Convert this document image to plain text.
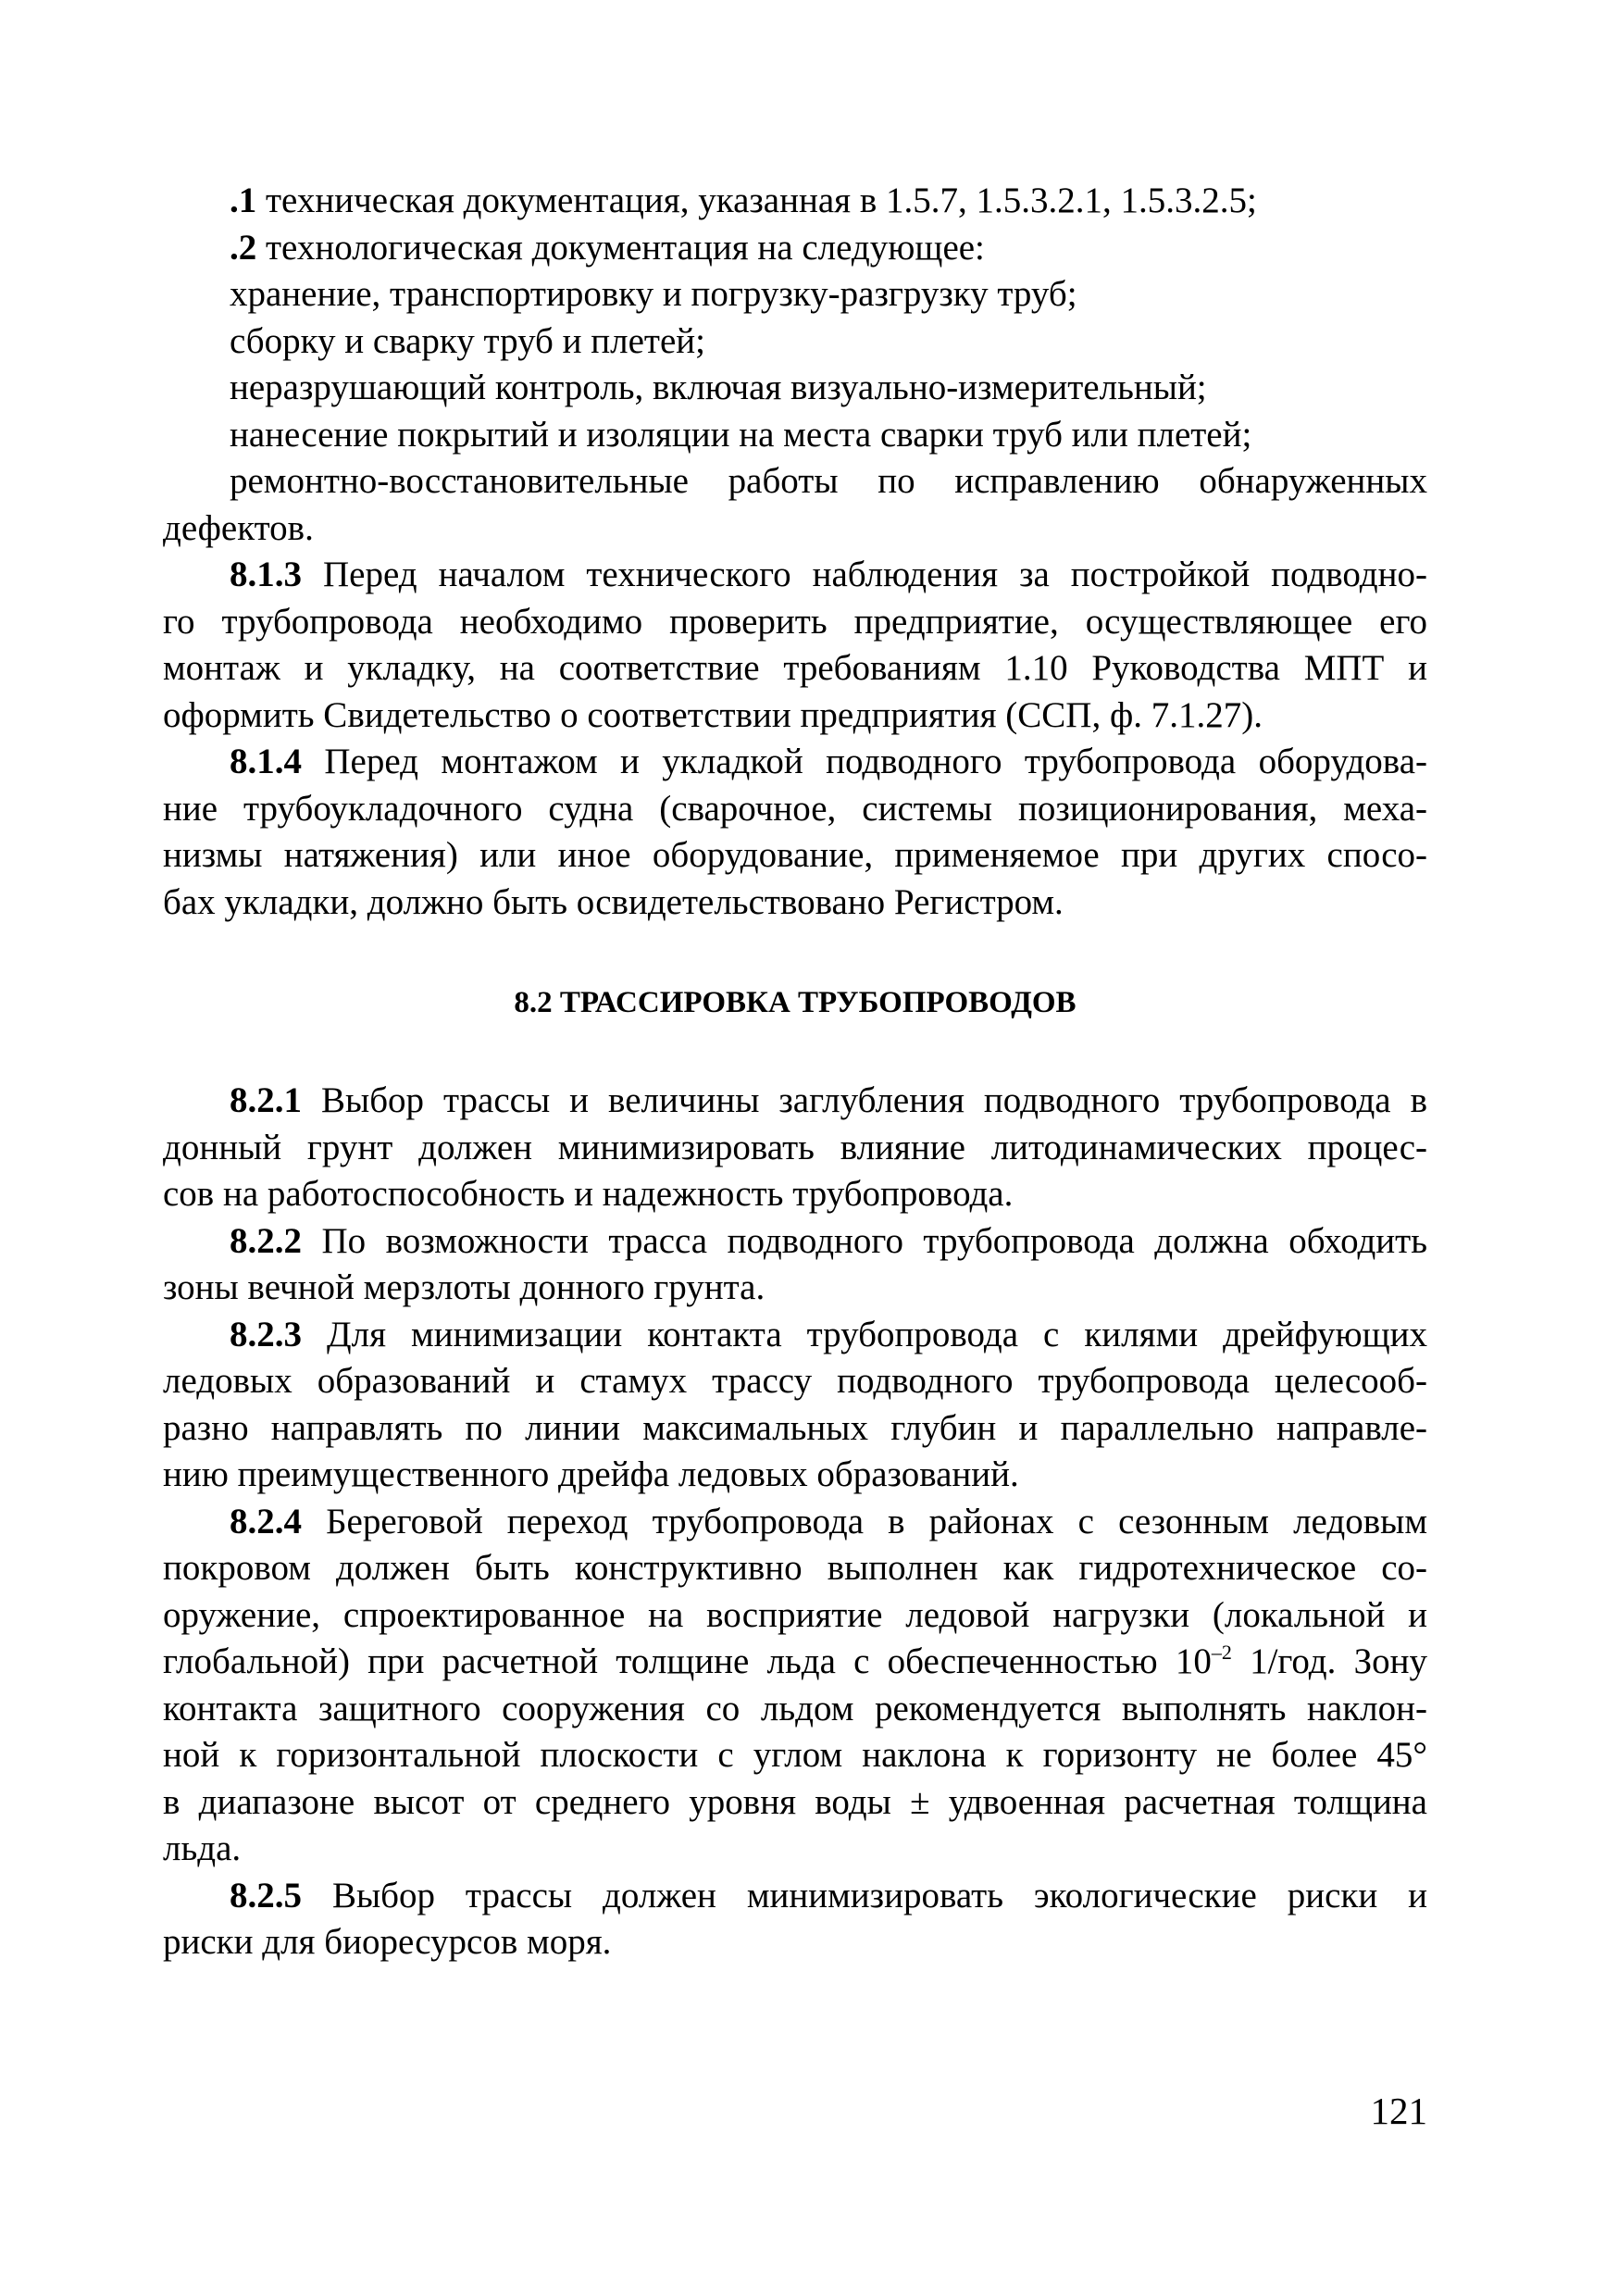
.1 техническая документация, указанная в 1.5.7, 1.5.3.2.1, 1.5.3.2.5;
.2 технологическая документация на следующее:
хранение, транспортировку и погрузку-разгрузку труб;
сборку и сварку труб и плетей;
неразрушающий контроль, включая визуально-измерительный;
нанесение покрытий и изоляции на места сварки труб или плетей;
ремонтно-восстановительные работы по исправлению обнаруженных
дефектов.
8.1.3 Перед началом технического наблюдения за постройкой подводно-
го трубопровода необходимо проверить предприятие, осуществляющее его
монтаж и укладку, на соответствие требованиям 1.10 Руководства МПТ и
оформить Свидетельство о соответствии предприятия (ССП, ф. 7.1.27).
8.1.4 Перед монтажом и укладкой подводного трубопровода оборудова-
ние трубоукладочного судна (сварочное, системы позиционирования, меха-
низмы натяжения) или иное оборудование, применяемое при других спосо-
бах укладки, должно быть освидетельствовано Регистром.
8.2 ТРАССИРОВКА ТРУБОПРОВОДОВ
8.2.1 Выбор трассы и величины заглубления подводного трубопровода в
донный грунт должен минимизировать влияние литодинамических процес-
сов на работоспособность и надежность трубопровода.
8.2.2 По возможности трасса подводного трубопровода должна обходить
зоны вечной мерзлоты донного грунта.
8.2.3 Для минимизации контакта трубопровода с килями дрейфующих
ледовых образований и стамух трассу подводного трубопровода целесооб-
разно направлять по линии максимальных глубин и параллельно направле-
нию преимущественного дрейфа ледовых образований.
8.2.4 Береговой переход трубопровода в районах с сезонным ледовым
покровом должен быть конструктивно выполнен как гидротехническое со-
оружение, спроектированное на восприятие ледовой нагрузки (локальной и
глобальной) при расчетной толщине льда с обеспеченностью $10^{-2}$ 1/год. Зону
контакта защитного сооружения со льдом рекомендуется выполнять наклон-
ной к горизонтальной плоскости с углом наклона к горизонту не более 45°
в диапазоне высот от среднего уровня воды ± удвоенная расчетная толщина
льда.
8.2.5 Выбор трассы должен минимизировать экологические риски и
риски для биоресурсов моря.
121
